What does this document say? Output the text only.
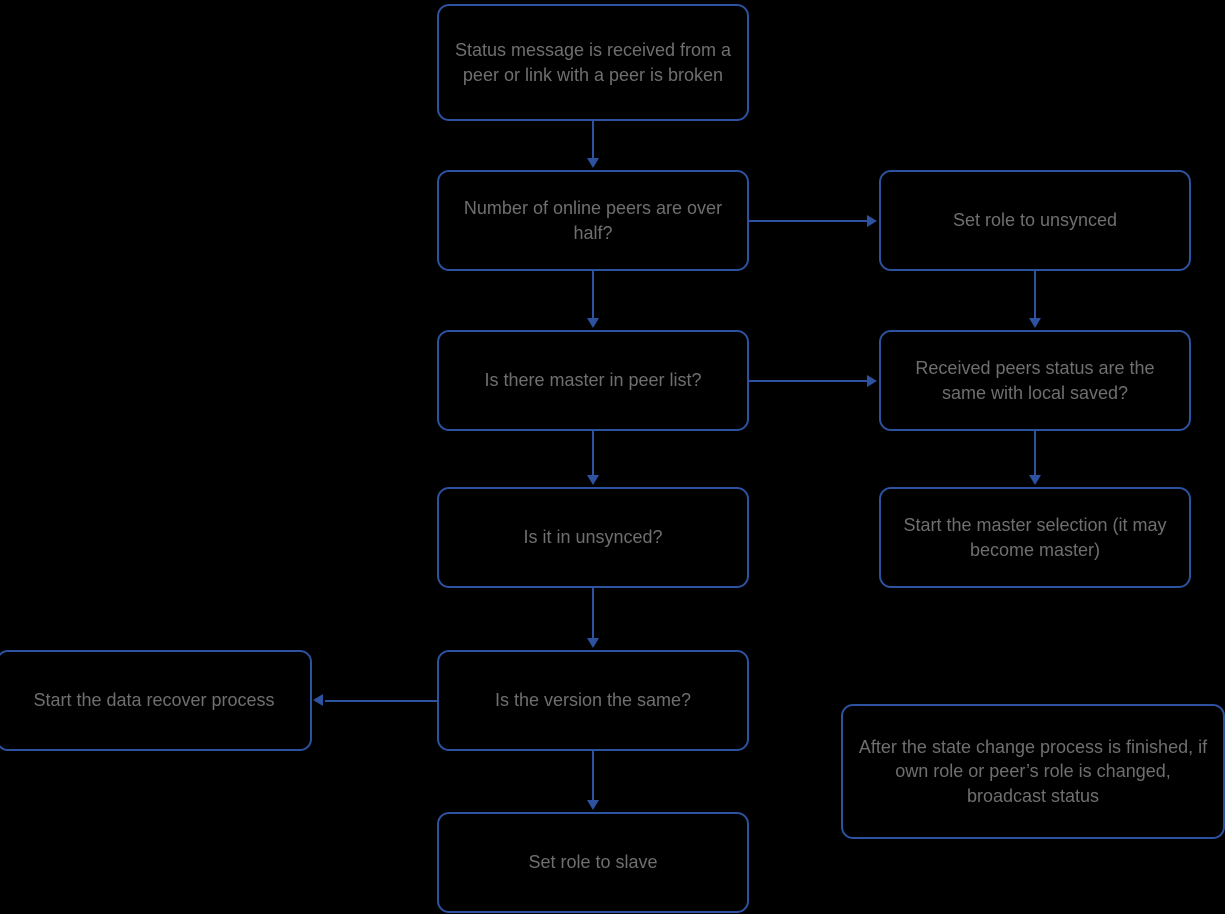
Status message is received from a peer or link with a peer is broken
Number of online peers are over half?
Set role to unsynced
Is there master in peer list?
Received peers status are the same with local saved?
Is it in unsynced?
Start the master selection (it may become master)
Is the version the same?
Start the data recover process
Set role to slave
After the state change process is finished, if own role or peer’s role is changed, broadcast status
